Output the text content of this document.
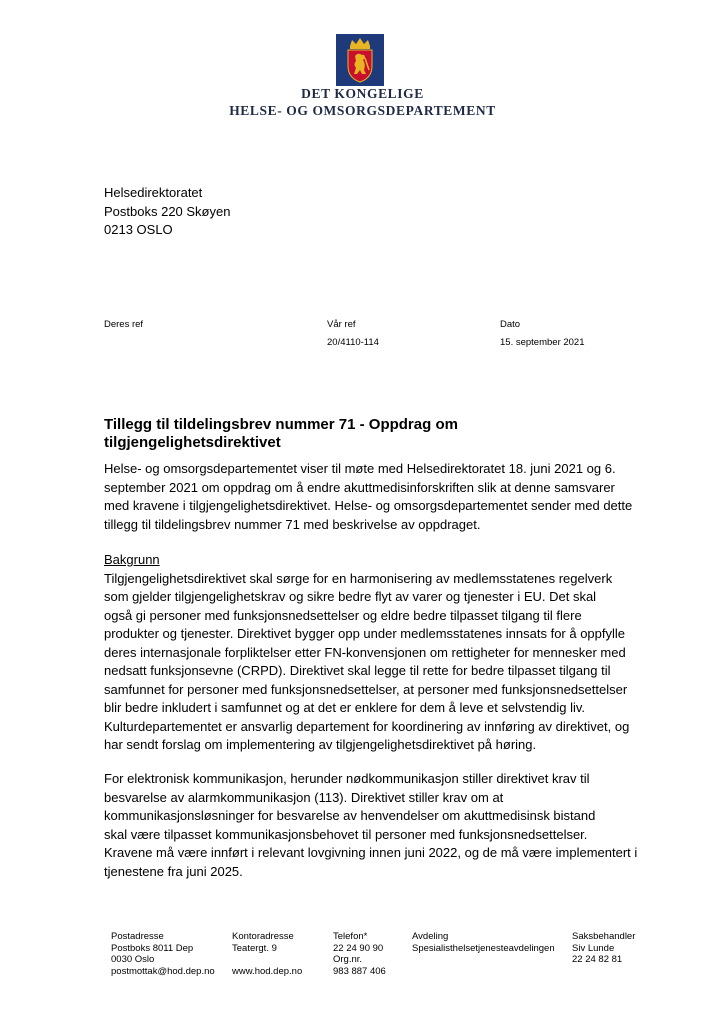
DET KONGELIGE
HELSE- OG OMSORGSDEPARTEMENT
Helsedirektoratet
Postboks 220 Skøyen
0213 OSLO
Deres ref	Vår ref
20/4110-114
Dato
15. september 2021
Tillegg til tildelingsbrev nummer 71 - Oppdrag om
tilgjengelighetsdirektivet
Helse- og omsorgsdepartementet viser til møte med Helsedirektoratet 18. juni 2021 og 6.
september 2021 om oppdrag om å endre akuttmedisinforskriften slik at denne samsvarer
med kravene i tilgjengelighetsdirektivet. Helse- og omsorgsdepartementet sender med dette
tillegg til tildelingsbrev nummer 71 med beskrivelse av oppdraget.
Bakgrunn
Tilgjengelighetsdirektivet skal sørge for en harmonisering av medlemsstatenes regelverk
som gjelder tilgjengelighetskrav og sikre bedre flyt av varer og tjenester i EU. Det skal
også gi personer med funksjonsnedsettelser og eldre bedre tilpasset tilgang til flere
produkter og tjenester. Direktivet bygger opp under medlemsstatenes innsats for å oppfylle
deres internasjonale forpliktelser etter FN-konvensjonen om rettigheter for mennesker med
nedsatt funksjonsevne (CRPD). Direktivet skal legge til rette for bedre tilpasset tilgang til
samfunnet for personer med funksjonsnedsettelser, at personer med funksjonsnedsettelser
blir bedre inkludert i samfunnet og at det er enklere for dem å leve et selvstendig liv.
Kulturdepartementet er ansvarlig departement for koordinering av innføring av direktivet, og
har sendt forslag om implementering av tilgjengelighetsdirektivet på høring.
For elektronisk kommunikasjon, herunder nødkommunikasjon stiller direktivet krav til
besvarelse av alarmkommunikasjon (113). Direktivet stiller krav om at
kommunikasjonsløsninger for besvarelse av henvendelser om akuttmedisinsk bistand
skal være tilpasset kommunikasjonsbehovet til personer med funksjonsnedsettelser.
Kravene må være innført i relevant lovgivning innen juni 2022, og de må være implementert i
tjenestene fra juni 2025.
Postadresse
Postboks 8011 Dep
0030 Oslo
postmottak@hod.dep.no
Kontoradresse
Teatergt. 9

www.hod.dep.no
Telefon*
22 24 90 90
Org.nr.
983 887 406
Avdeling
Spesialisthelsetjenesteavdelingen
Saksbehandler
Siv Lunde
22 24 82 81
